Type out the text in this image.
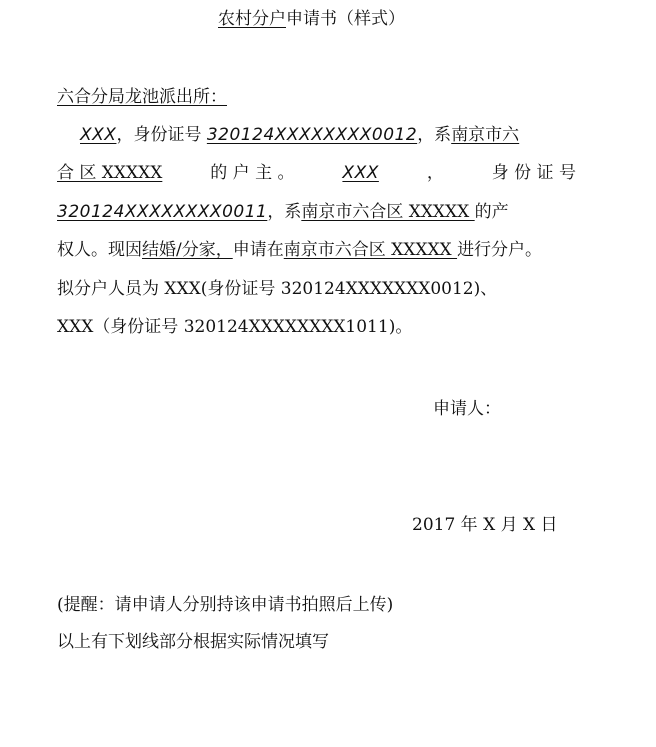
农村分户申请书（样式）
六合分局龙池派出所：
XXX，身份证号 320124XXXXXXXX0012，系南京市六
合 区 XXXXX	的 户 主 。	XXX	，	身 份 证 号
320124XXXXXXXX0011，系南京市六合区 XXXXX 的产
权人。现因结婚/分家，申请在南京市六合区 XXXXX 进行分户。
拟分户人员为 XXX(身份证号 320124XXXXXXX0012)、
XXX（身份证号 320124XXXXXXXX1011)。
申请人：
2017 年 X 月 X 日
(提醒：请申请人分别持该申请书拍照后上传)
以上有下划线部分根据实际情况填写
